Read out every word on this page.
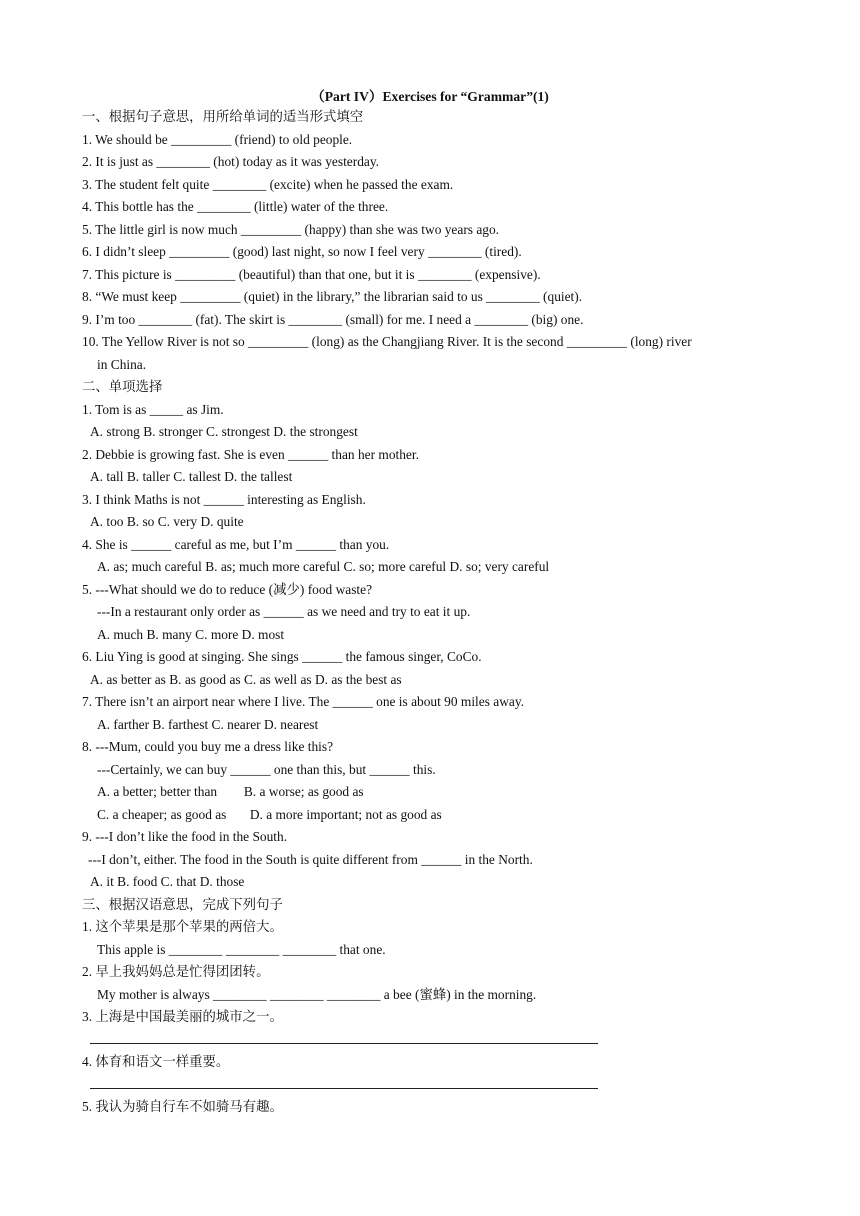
（Part IV）Exercises for “Grammar”(1)
一、根据句子意思，用所给单词的适当形式填空
1. We should be _________ (friend) to old people.
2. It is just as ________ (hot) today as it was yesterday.
3. The student felt quite ________ (excite) when he passed the exam.
4. This bottle has the ________ (little) water of the three.
5. The little girl is now much _________ (happy) than she was two years ago.
6. I didn’t sleep _________ (good) last night, so now I feel very ________ (tired).
7. This picture is _________ (beautiful) than that one, but it is ________ (expensive).
8. “We must keep _________ (quiet) in the library,” the librarian said to us ________ (quiet).
9. I’m too ________ (fat). The skirt is ________ (small) for me. I need a ________ (big) one.
10. The Yellow River is not so _________ (long) as the Changjiang River. It is the second _________ (long) river
in China.
二、单项选择
1. Tom is as _____ as Jim.
A. strong B. stronger C. strongest D. the strongest
2. Debbie is growing fast. She is even ______ than her mother.
A. tall B. taller C. tallest D. the tallest
3. I think Maths is not ______ interesting as English.
A. too B. so C. very D. quite
4. She is ______ careful as me, but I’m ______ than you.
A. as; much careful B. as; much more careful C. so; more careful D. so; very careful
5. ---What should we do to reduce (减少) food waste?
---In a restaurant only order as ______ as we need and try to eat it up.
A. much B. many C. more D. most
6. Liu Ying is good at singing. She sings ______ the famous singer, CoCo.
A. as better as B. as good as C. as well as D. as the best as
7. There isn’t an airport near where I live. The ______ one is about 90 miles away.
A. farther B. farthest C. nearer D. nearest
8. ---Mum, could you buy me a dress like this?
---Certainly, we can buy ______ one than this, but ______ this.
A. a better; better than        B. a worse; as good as
C. a cheaper; as good as       D. a more important; not as good as
9. ---I don’t like the food in the South.
---I don’t, either. The food in the South is quite different from ______ in the North.
A. it B. food C. that D. those
三、根据汉语意思，完成下列句子
1. 这个苹果是那个苹果的两倍大。
This apple is ________ ________ ________ that one.
2. 早上我妈妈总是忙得团团转。
My mother is always ________ ________ ________ a bee (蜜蜂) in the morning.
3. 上海是中国最美丽的城市之一。
4. 体育和语文一样重要。
5. 我认为骑自行车不如骑马有趣。
